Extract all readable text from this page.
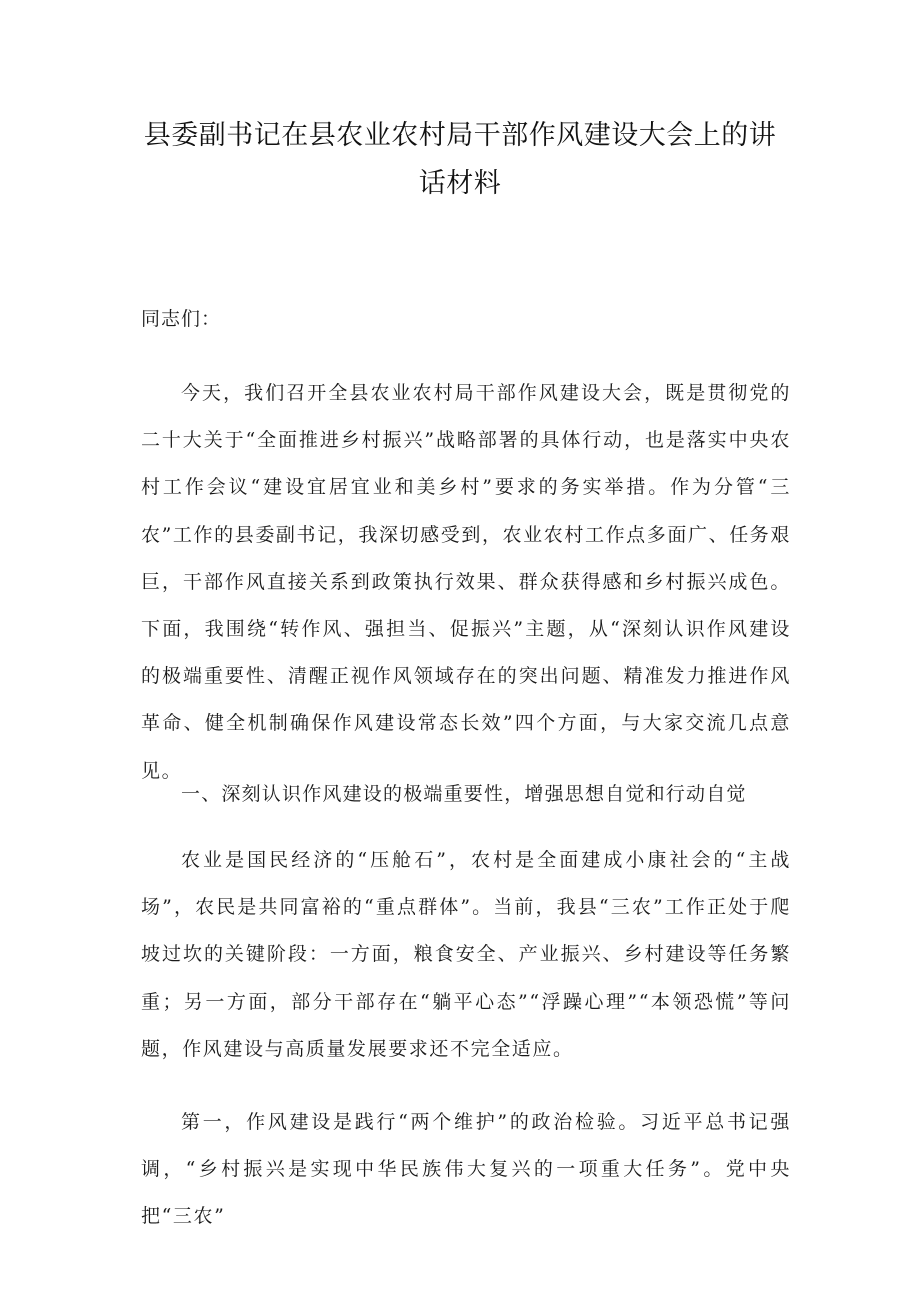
县委副书记在县农业农村局干部作风建设大会上的讲话材料
同志们：

今天，我们召开全县农业农村局干部作风建设大会，既是贯彻党的二十大关于“全面推进乡村振兴”战略部署的具体行动，也是落实中央农村工作会议“建设宜居宜业和美乡村”要求的务实举措。作为分管“三农”工作的县委副书记，我深切感受到，农业农村工作点多面广、任务艰巨，干部作风直接关系到政策执行效果、群众获得感和乡村振兴成色。下面，我围绕“转作风、强担当、促振兴”主题，从“深刻认识作风建设的极端重要性、清醒正视作风领域存在的突出问题、精准发力推进作风革命、健全机制确保作风建设常态长效”四个方面，与大家交流几点意见。

一、深刻认识作风建设的极端重要性，增强思想自觉和行动自觉

农业是国民经济的“压舱石”，农村是全面建成小康社会的“主战场”，农民是共同富裕的“重点群体”。当前，我县“三农”工作正处于爬坡过坎的关键阶段：一方面，粮食安全、产业振兴、乡村建设等任务繁重；另一方面，部分干部存在“躺平心态”“浮躁心理”“本领恐慌”等问题，作风建设与高质量发展要求还不完全适应。

第一，作风建设是践行“两个维护”的政治检验。习近平总书记强调，“乡村振兴是实现中华民族伟大复兴的一项重大任务”。党中央把“三农”
